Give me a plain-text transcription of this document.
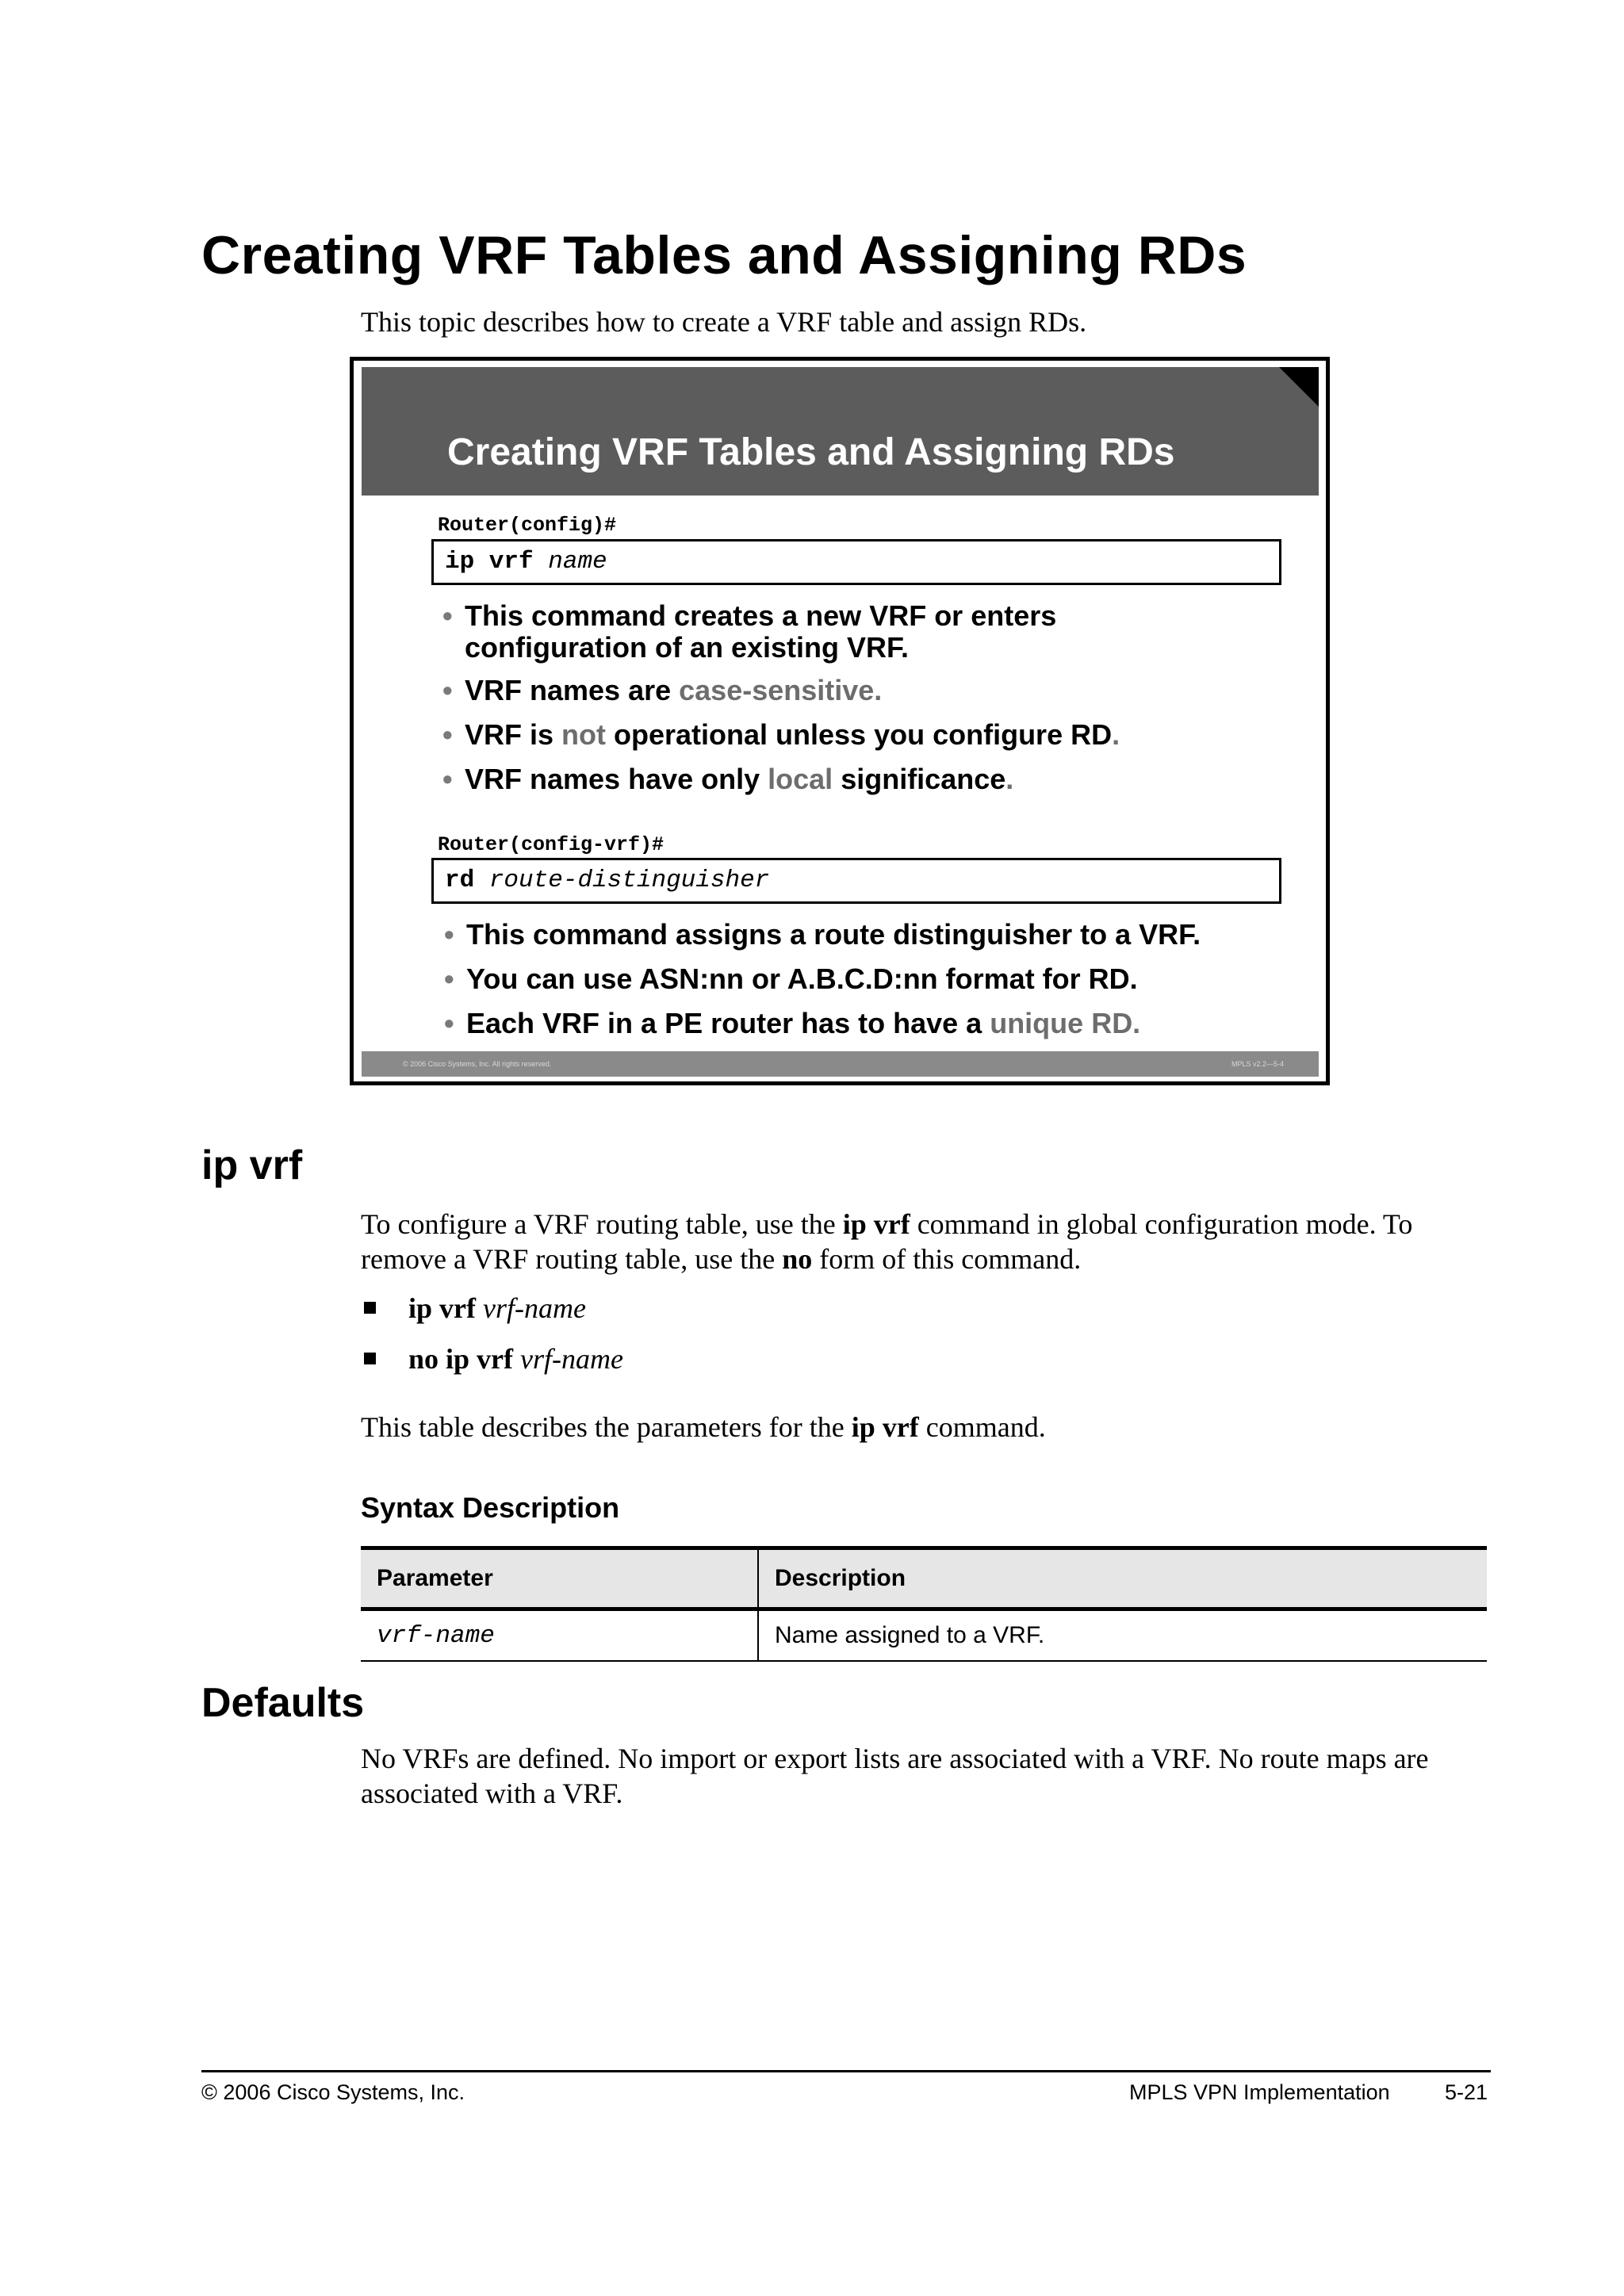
Creating VRF Tables and Assigning RDs
This topic describes how to create a VRF table and assign RDs.
Creating VRF Tables and Assigning RDs
Router(config)#
ip vrf name
• This command creates a new VRF or enters
configuration of an existing VRF.
• VRF names are case-sensitive.
• VRF is not operational unless you configure RD.
• VRF names have only local significance.
Router(config-vrf)#
rd route-distinguisher
• This command assigns a route distinguisher to a VRF.
• You can use ASN:nn or A.B.C.D:nn format for RD.
• Each VRF in a PE router has to have a unique RD.
© 2006 Cisco Systems, Inc. All rights reserved.	MPLS v2.2—5-4
ip vrf
To configure a VRF routing table, use the ip vrf command in global configuration mode. To remove a VRF routing table, use the no form of this command.
ip vrf vrf-name
no ip vrf vrf-name
This table describes the parameters for the ip vrf command.
Syntax Description
Parameter	Description
vrf-name	Name assigned to a VRF.
Defaults
No VRFs are defined. No import or export lists are associated with a VRF. No route maps are associated with a VRF.
© 2006 Cisco Systems, Inc.	MPLS VPN Implementation	5-21
